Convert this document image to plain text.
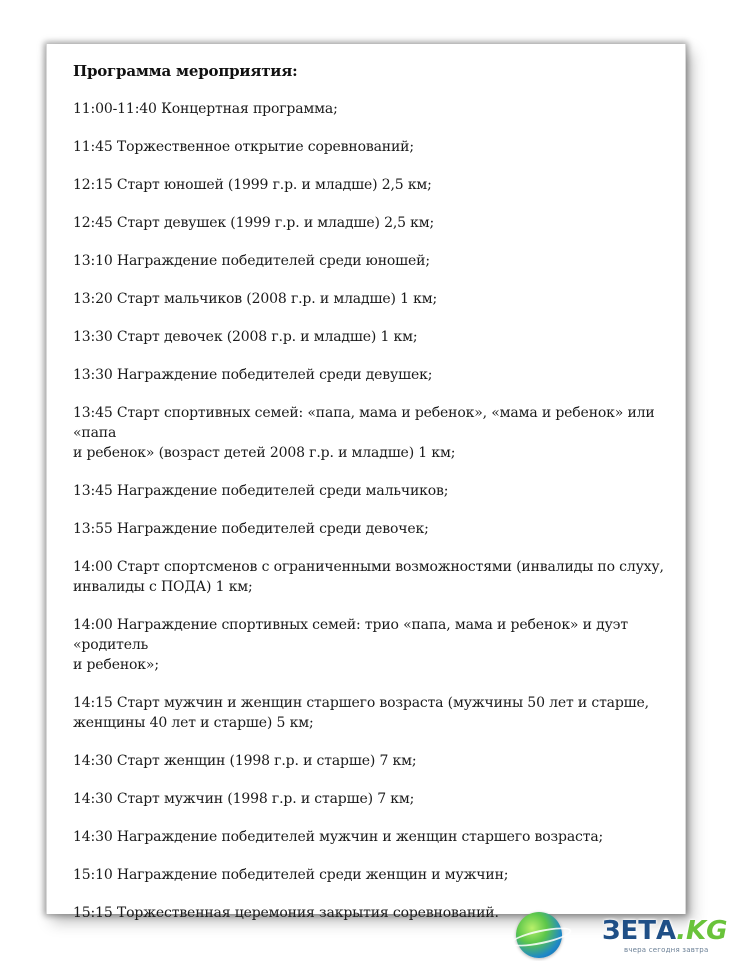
Программа мероприятия:

11:00-11:40 Концертная программа;

11:45 Торжественное открытие соревнований;

12:15 Старт юношей (1999 г.р. и младше) 2,5 км;

12:45 Старт девушек (1999 г.р. и младше) 2,5 км;

13:10 Награждение победителей среди юношей;

13:20 Старт мальчиков (2008 г.р. и младше) 1 км;

13:30 Старт девочек (2008 г.р. и младше) 1 км;

13:30 Награждение победителей среди девушек;

13:45 Старт спортивных семей: «папа, мама и ребенок», «мама и ребенок» или «папа
и ребенок» (возраст детей 2008 г.р. и младше) 1 км;

13:45 Награждение победителей среди мальчиков;

13:55 Награждение победителей среди девочек;

14:00 Старт спортсменов с ограниченными возможностями (инвалиды по слуху,
инвалиды с ПОДА) 1 км;

14:00 Награждение спортивных семей: трио «папа, мама и ребенок» и дуэт «родитель
и ребенок»;

14:15 Старт мужчин и женщин старшего возраста (мужчины 50 лет и старше,
женщины 40 лет и старше) 5 км;

14:30 Старт женщин (1998 г.р. и старше) 7 км;

14:30 Старт мужчин (1998 г.р. и старше) 7 км;

14:30 Награждение победителей мужчин и женщин старшего возраста;

15:10 Награждение победителей среди женщин и мужчин;

15:15 Торжественная церемония закрытия соревнований.

ЗЕТА.KG
вчера сегодня завтра
